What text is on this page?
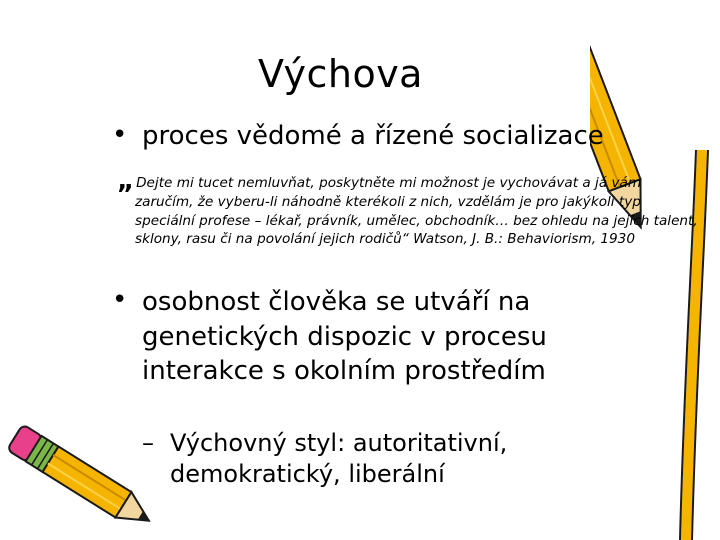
Výchova
• proces vědomé a řízené socializace
„ Dejte mi tucet nemluvňat, poskytněte mi možnost je vychovávat a já vám
zaručím, že vyberu-li náhodně kterékoli z nich, vzdělám je pro jakýkoli typ speciální profese – lékař, právník, umělec, obchodník… bez ohledu na jejich talent, sklony, rasu či na povolání jejich rodičů“ Watson, J. B.: Behaviorism, 1930
• osobnost člověka se utváří na genetických dispozic v procesu interakce s okolním prostředím
– Výchovný styl: autoritativní, demokratický, liberální
